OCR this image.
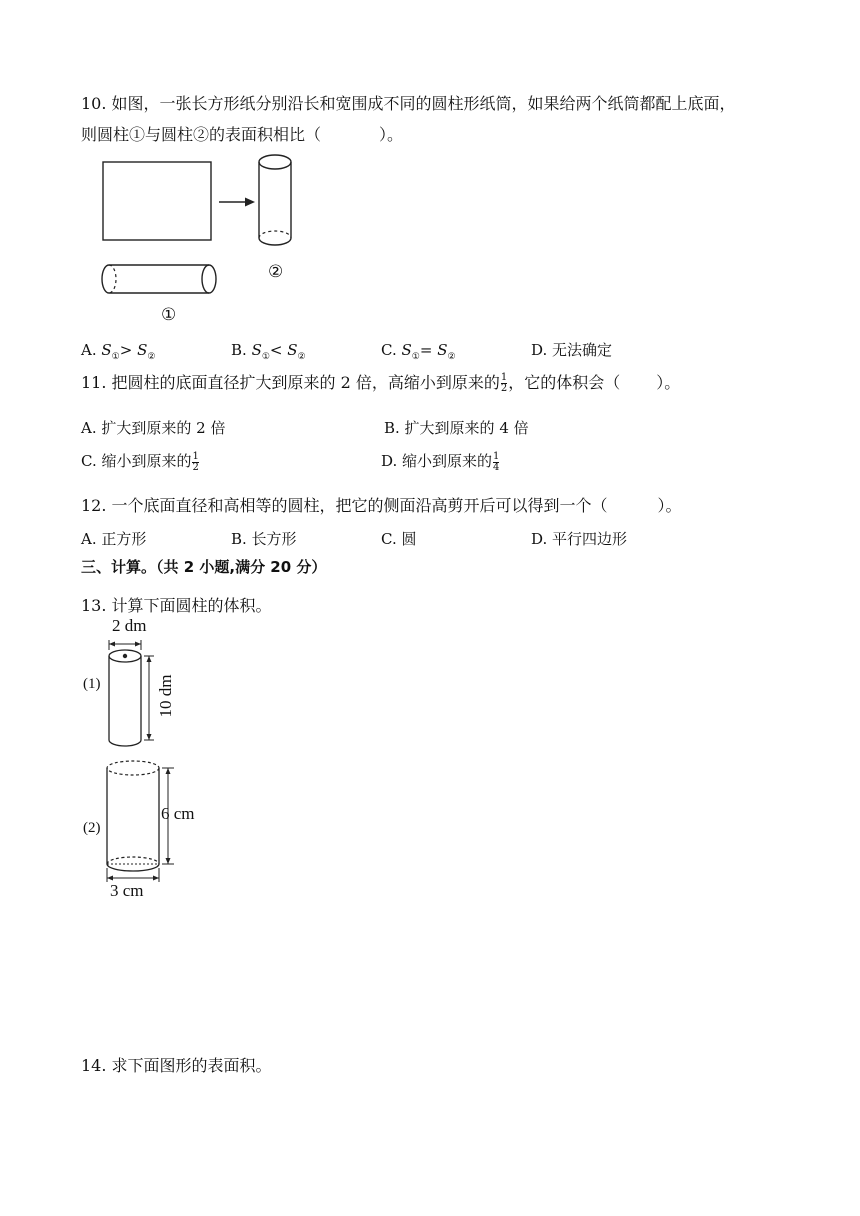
10. 如图，一张长方形纸分别沿长和宽围成不同的圆柱形纸筒，如果给两个纸筒都配上底面，
则圆柱①与圆柱②的表面积相比（	）。
②
①
A. $S_①> S_②$	B. $S_①< S_②$	C. $S_①= S_②$	D. 无法确定
11. 把圆柱的底面直径扩大到原来的 2 倍，高缩小到原来的 $\frac{1}{2}$ ，它的体积会（ ）。
A. 扩大到原来的 2 倍	B. 扩大到原来的 4 倍
C. 缩小到原来的 $\frac{1}{2}$	D. 缩小到原来的 $\frac{1}{4}$
12. 一个底面直径和高相等的圆柱，把它的侧面沿高剪开后可以得到一个（	）。
A. 正方形	B. 长方形	C. 圆	D. 平行四边形
三、计算。（共 2 小题,满分 20 分）
13. 计算下面圆柱的体积。
(1)
2 dm
10 dm
(2)
6 cm
3 cm
14. 求下面图形的表面积。
